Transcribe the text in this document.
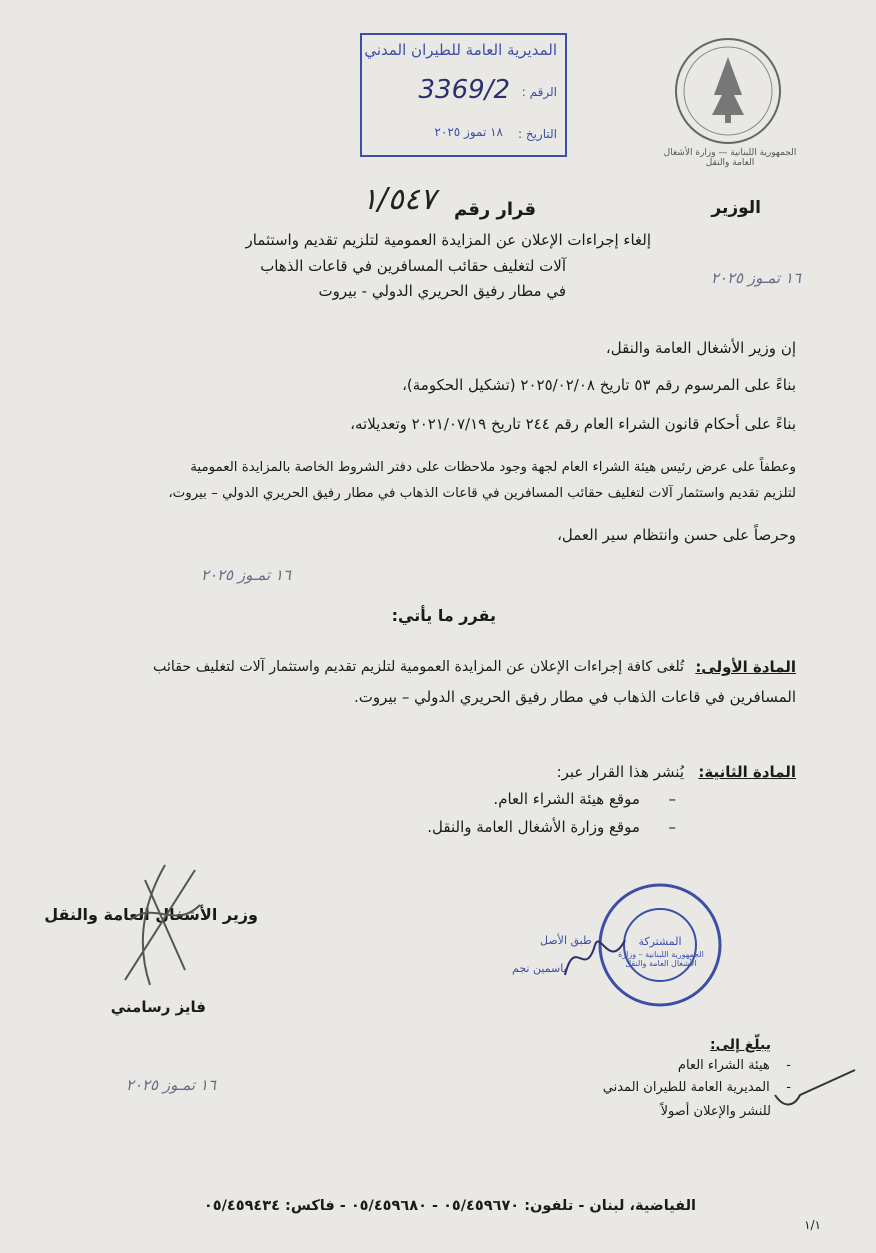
الجمهورية اللبنانية — وزارة الأشغال العامة والنقل
الوزير
١٦ تمـوز ٢٠٢٥
المديرية العامة للطيران المدني
الرقم :
3369/2
التاريخ :
١٨ تموز ٢٠٢٥
قرار رقم
١/٥٤٧
إلغاء إجراءات الإعلان عن المزايدة العمومية لتلزيم تقديم واستثمار
آلات لتغليف حقائب المسافرين في قاعات الذهاب
في مطار رفيق الحريري الدولي - بيروت
إن وزير الأشغال العامة والنقل،
بناءً على المرسوم رقم ٥٣ تاريخ ٢٠٢٥/٠٢/٠٨ (تشكيل الحكومة)،
بناءً على أحكام قانون الشراء العام رقم ٢٤٤ تاريخ ٢٠٢١/٠٧/١٩ وتعديلاته،
وعطفاً على عرض رئيس هيئة الشراء العام لجهة وجود ملاحظات على دفتر الشروط الخاصة بالمزايدة العمومية
لتلزيم تقديم واستثمار آلات لتغليف حقائب المسافرين في قاعات الذهاب في مطار رفيق الحريري الدولي – بيروت،
وحرصاً على حسن وانتظام سير العمل،
١٦ تمـوز ٢٠٢٥
يقرر ما يأتي:
المادة الأولى:
تُلغى كافة إجراءات الإعلان عن المزايدة العمومية لتلزيم تقديم واستثمار آلات لتغليف حقائب
المسافرين في قاعات الذهاب في مطار رفيق الحريري الدولي – بيروت.
المادة الثانية:
يُنشر هذا القرار عبر:
–      موقع هيئة الشراء العام.
–      موقع وزارة الأشغال العامة والنقل.
وزير الأشغال العامة والنقل
فايز رسامني
الجمهورية اللبنانية – وزارة الأشغال العامة والنقل
المشتركة
طبق الأصل
ياسمين نجم
يبلّغ إلى:
-    هيئة الشراء العام
-    المديرية العامة للطيران المدني
للنشر والإعلان أصولاً
١٦ تمـوز ٢٠٢٥
الفياضية، لبنان - تلفون: ٠٥/٤٥٩٦٧٠ - ٠٥/٤٥٩٦٨٠ - فاكس: ٠٥/٤٥٩٤٣٤
١/١
